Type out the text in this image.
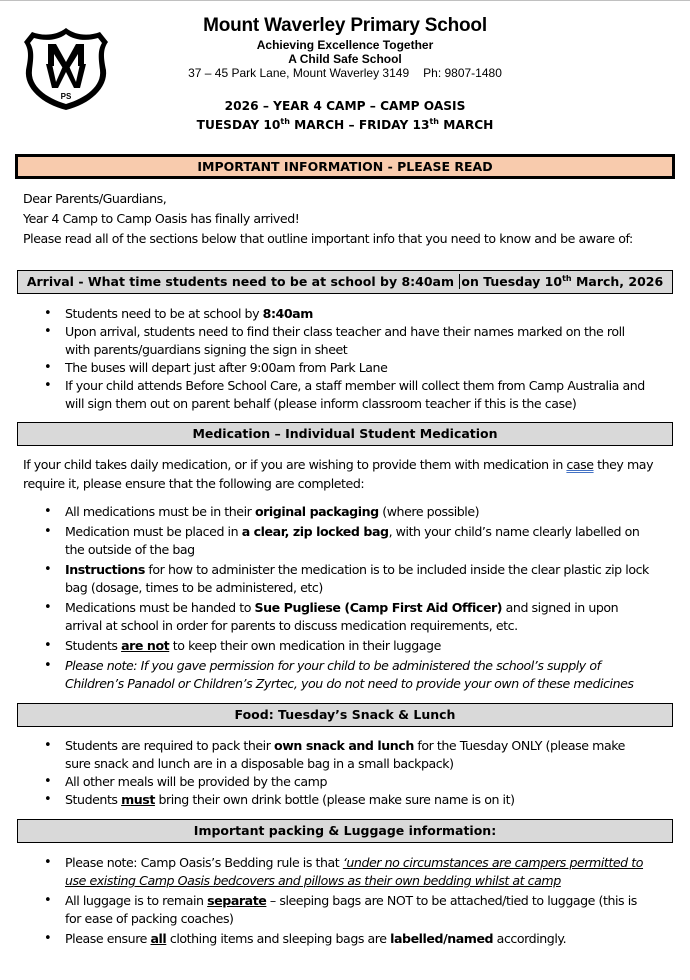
PS
Mount Waverley Primary School
Achieving Excellence Together
A Child Safe School
37 – 45 Park Lane, Mount Waverley 3149 Ph: 9807-1480
2026 – YEAR 4 CAMP – CAMP OASIS
TUESDAY 10th MARCH – FRIDAY 13th MARCH
IMPORTANT INFORMATION - PLEASE READ
Dear Parents/Guardians,
Year 4 Camp to Camp Oasis has finally arrived!
Please read all of the sections below that outline important info that you need to know and be aware of:
Arrival - What time students need to be at school by 8:40am on Tuesday 10th March, 2026
• Students need to be at school by 8:40am
• Upon arrival, students need to find their class teacher and have their names marked on the roll with parents/guardians signing the sign in sheet
• The buses will depart just after 9:00am from Park Lane
• If your child attends Before School Care, a staff member will collect them from Camp Australia and will sign them out on parent behalf (please inform classroom teacher if this is the case)
Medication – Individual Student Medication
If your child takes daily medication, or if you are wishing to provide them with medication in case they may require it, please ensure that the following are completed:
• All medications must be in their original packaging (where possible)
• Medication must be placed in a clear, zip locked bag, with your child’s name clearly labelled on the outside of the bag
• Instructions for how to administer the medication is to be included inside the clear plastic zip lock bag (dosage, times to be administered, etc)
• Medications must be handed to Sue Pugliese (Camp First Aid Officer) and signed in upon arrival at school in order for parents to discuss medication requirements, etc.
• Students are not to keep their own medication in their luggage
• Please note: If you gave permission for your child to be administered the school’s supply of Children’s Panadol or Children’s Zyrtec, you do not need to provide your own of these medicines
Food: Tuesday’s Snack & Lunch
• Students are required to pack their own snack and lunch for the Tuesday ONLY (please make sure snack and lunch are in a disposable bag in a small backpack)
• All other meals will be provided by the camp
• Students must bring their own drink bottle (please make sure name is on it)
Important packing & Luggage information:
• Please note: Camp Oasis’s Bedding rule is that ‘under no circumstances are campers permitted to use existing Camp Oasis bedcovers and pillows as their own bedding whilst at camp
• All luggage is to remain separate – sleeping bags are NOT to be attached/tied to luggage (this is for ease of packing coaches)
• Please ensure all clothing items and sleeping bags are labelled/named accordingly.
